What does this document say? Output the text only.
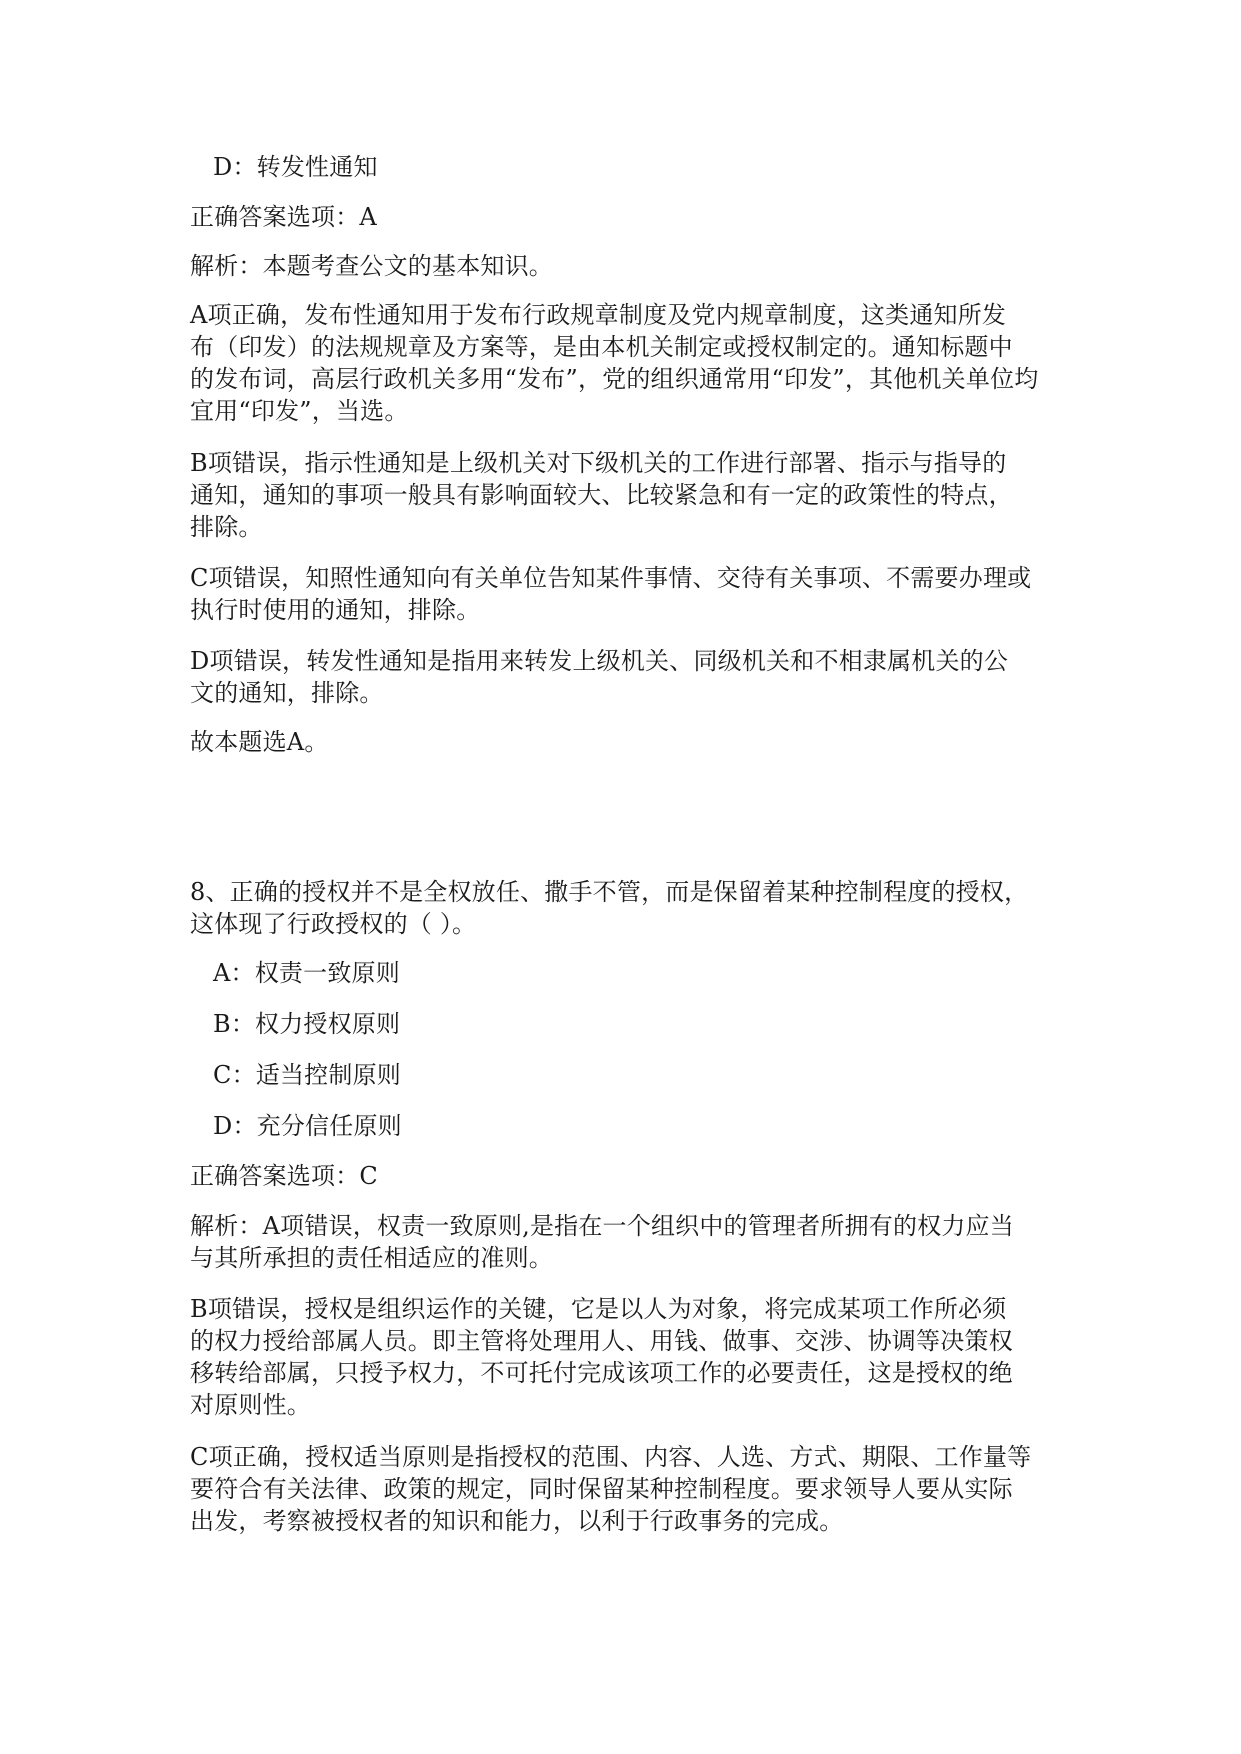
D：转发性通知
正确答案选项：A
解析：本题考查公文的基本知识。
A项正确，发布性通知用于发布行政规章制度及党内规章制度，这类通知所发
布（印发）的法规规章及方案等，是由本机关制定或授权制定的。通知标题中
的发布词，高层行政机关多用“发布”，党的组织通常用“印发”，其他机关单位均
宜用“印发”，当选。
B项错误，指示性通知是上级机关对下级机关的工作进行部署、指示与指导的
通知，通知的事项一般具有影响面较大、比较紧急和有一定的政策性的特点，
排除。
C项错误，知照性通知向有关单位告知某件事情、交待有关事项、不需要办理或
执行时使用的通知，排除。
D项错误，转发性通知是指用来转发上级机关、同级机关和不相隶属机关的公
文的通知，排除。
故本题选A。
8、正确的授权并不是全权放任、撒手不管，而是保留着某种控制程度的授权，
这体现了行政授权的（ ）。
A：权责一致原则
B：权力授权原则
C：适当控制原则
D：充分信任原则
正确答案选项：C
解析：A项错误，权责一致原则,是指在一个组织中的管理者所拥有的权力应当
与其所承担的责任相适应的准则。
B项错误，授权是组织运作的关键，它是以人为对象，将完成某项工作所必须
的权力授给部属人员。即主管将处理用人、用钱、做事、交涉、协调等决策权
移转给部属，只授予权力，不可托付完成该项工作的必要责任，这是授权的绝
对原则性。
C项正确，授权适当原则是指授权的范围、内容、人选、方式、期限、工作量等
要符合有关法律、政策的规定，同时保留某种控制程度。要求领导人要从实际
出发，考察被授权者的知识和能力，以利于行政事务的完成。
